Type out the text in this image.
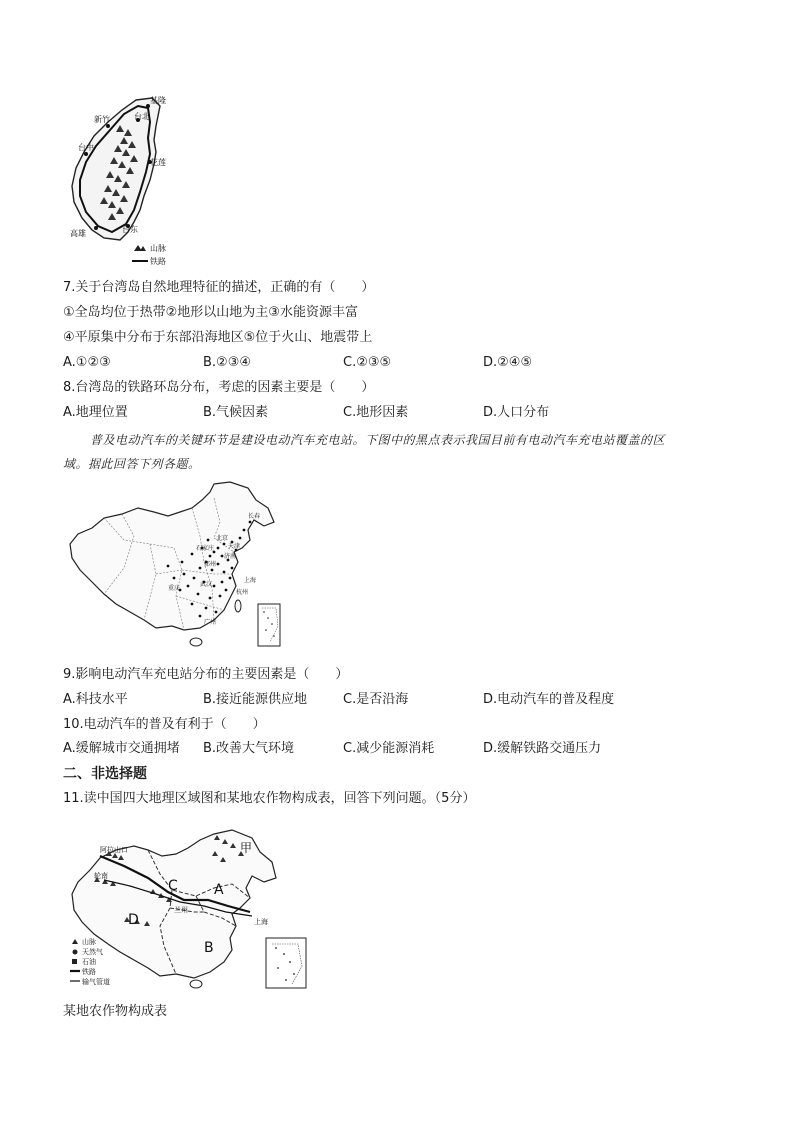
基隆
台北
新竹
台中
花莲
高雄	台东
山脉
铁路
7.关于台湾岛自然地理特征的描述，正确的有（　　）
①全岛均位于热带②地形以山地为主③水能资源丰富
④平原集中分布于东部沿海地区⑤位于火山、地震带上
A.①②③	B.②③④	C.②③⑤	D.②④⑤
8.台湾岛的铁路环岛分布，考虑的因素主要是（　　）
A.地理位置	B.气候因素	C.地形因素	D.人口分布
普及电动汽车的关键环节是建设电动汽车充电站。下图中的黑点表示我国目前有电动汽车充电站覆盖的区
域。据此回答下列各题。
长春
北京
天津
石家庄
济南
郑州
上海
杭州
重庆
武汉
广州
9.影响电动汽车充电站分布的主要因素是（　　）
A.科技水平	B.接近能源供应地	C.是否沿海	D.电动汽车的普及程度
10.电动汽车的普及有利于（　　）
A.缓解城市交通拥堵 B.改善大气环境	C.减少能源消耗	D.缓解铁路交通压力
二、非选择题
11.读中国四大地理区域图和某地农作物构成表，回答下列问题。（5分）
甲
A
B
C
D
阿拉山口
轮南
兰州
上海
山脉
天然气
石油
铁路
输气管道
某地农作物构成表
